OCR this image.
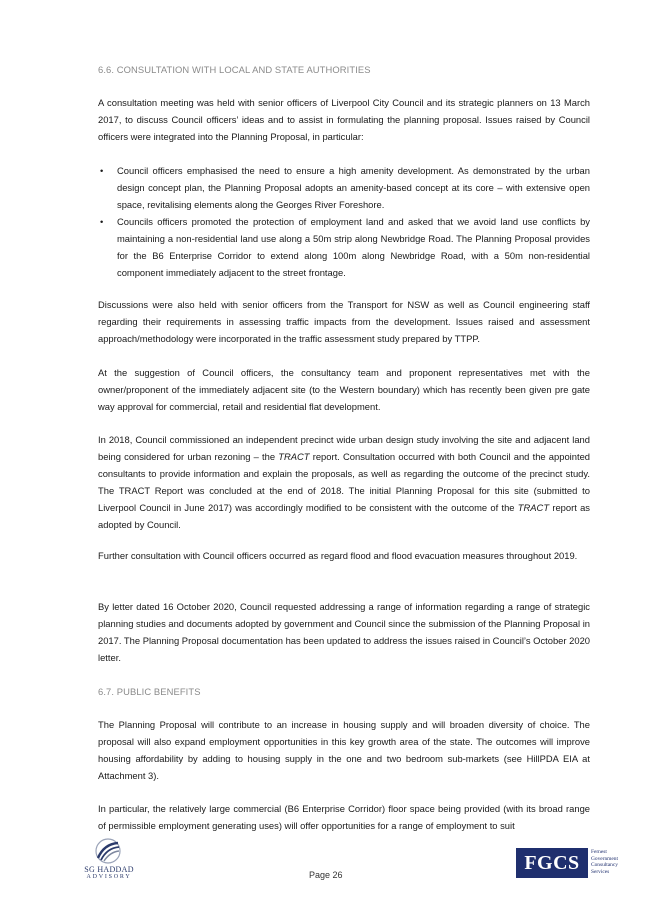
6.6. CONSULTATION WITH LOCAL AND STATE AUTHORITIES
A consultation meeting was held with senior officers of Liverpool City Council and its strategic planners on 13 March 2017, to discuss Council officers’ ideas and to assist in formulating the planning proposal. Issues raised by Council officers were integrated into the Planning Proposal, in particular:
• Council officers emphasised the need to ensure a high amenity development. As demonstrated by the urban design concept plan, the Planning Proposal adopts an amenity-based concept at its core – with extensive open space, revitalising elements along the Georges River Foreshore.
• Councils officers promoted the protection of employment land and asked that we avoid land use conflicts by maintaining a non-residential land use along a 50m strip along Newbridge Road. The Planning Proposal provides for the B6 Enterprise Corridor to extend along 100m along Newbridge Road, with a 50m non-residential component immediately adjacent to the street frontage.
Discussions were also held with senior officers from the Transport for NSW as well as Council engineering staff regarding their requirements in assessing traffic impacts from the development. Issues raised and assessment approach/methodology were incorporated in the traffic assessment study prepared by TTPP.
At the suggestion of Council officers, the consultancy team and proponent representatives met with the owner/proponent of the immediately adjacent site (to the Western boundary) which has recently been given pre gate way approval for commercial, retail and residential flat development.
In 2018, Council commissioned an independent precinct wide urban design study involving the site and adjacent land being considered for urban rezoning – the TRACT report. Consultation occurred with both Council and the appointed consultants to provide information and explain the proposals, as well as regarding the outcome of the precinct study. The TRACT Report was concluded at the end of 2018. The initial Planning Proposal for this site (submitted to Liverpool Council in June 2017) was accordingly modified to be consistent with the outcome of the TRACT report as adopted by Council.
Further consultation with Council officers occurred as regard flood and flood evacuation measures throughout 2019.
By letter dated 16 October 2020, Council requested addressing a range of information regarding a range of strategic planning studies and documents adopted by government and Council since the submission of the Planning Proposal in 2017. The Planning Proposal documentation has been updated to address the issues raised in Council’s October 2020 letter.
6.7. PUBLIC BENEFITS
The Planning Proposal will contribute to an increase in housing supply and will broaden diversity of choice. The proposal will also expand employment opportunities in this key growth area of the state. The outcomes will improve housing affordability by adding to housing supply in the one and two bedroom sub-markets (see HillPDA EIA at Attachment 3).
In particular, the relatively large commercial (B6 Enterprise Corridor) floor space being provided (with its broad range of permissible employment generating uses) will offer opportunities for a range of employment to suit
SG HADDAD
ADVISORY	Page 26
FGCS	Fernest
Government
Consultancy
Services
